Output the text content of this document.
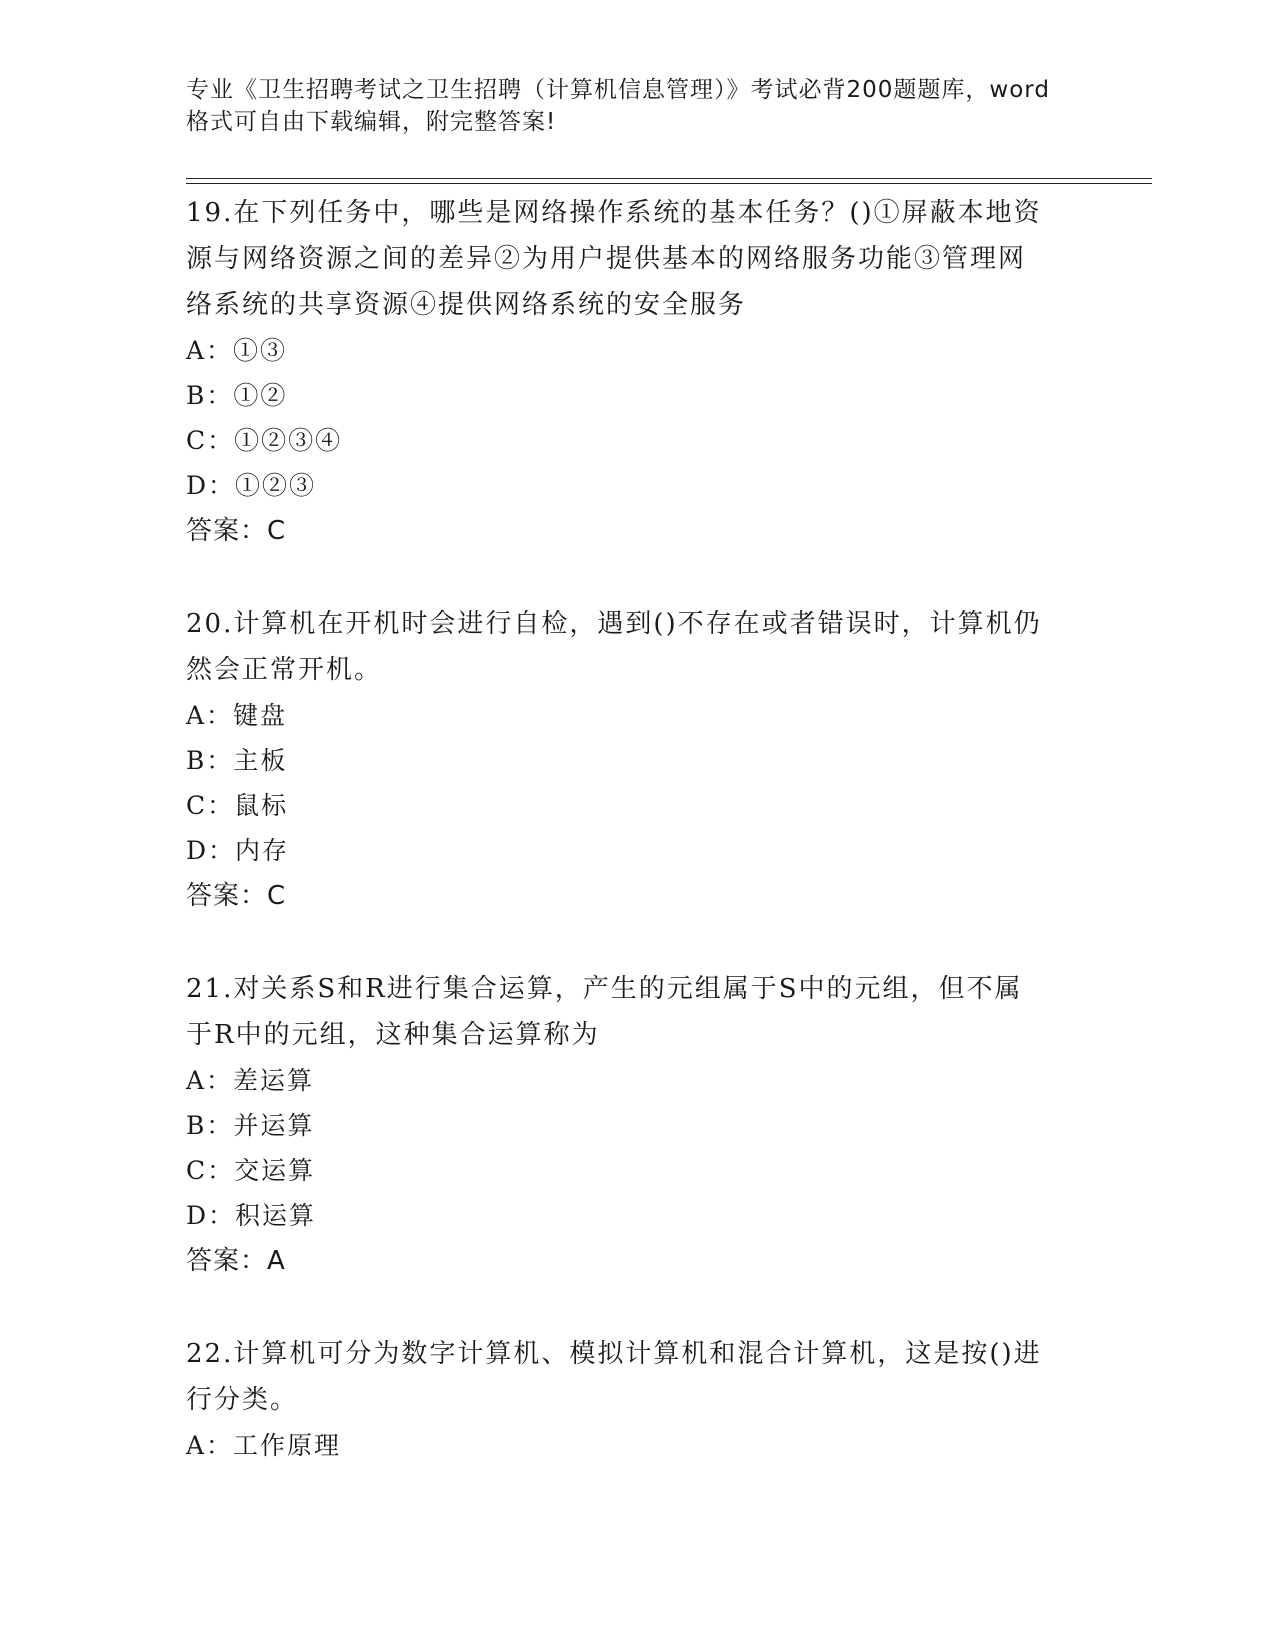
专业《卫生招聘考试之卫生招聘（计算机信息管理）》考试必背200题题库，word
格式可自由下载编辑，附完整答案!
19.在下列任务中，哪些是网络操作系统的基本任务？()①屏蔽本地资
源与网络资源之间的差异②为用户提供基本的网络服务功能③管理网
络系统的共享资源④提供网络系统的安全服务
A：①③
B：①②
C：①②③④
D：①②③
答案：C
20.计算机在开机时会进行自检，遇到()不存在或者错误时，计算机仍
然会正常开机。
A：键盘
B：主板
C：鼠标
D：内存
答案：C
21.对关系S和R进行集合运算，产生的元组属于S中的元组，但不属
于R中的元组，这种集合运算称为
A：差运算
B：并运算
C：交运算
D：积运算
答案：A
22.计算机可分为数字计算机、模拟计算机和混合计算机，这是按()进
行分类。
A：工作原理
